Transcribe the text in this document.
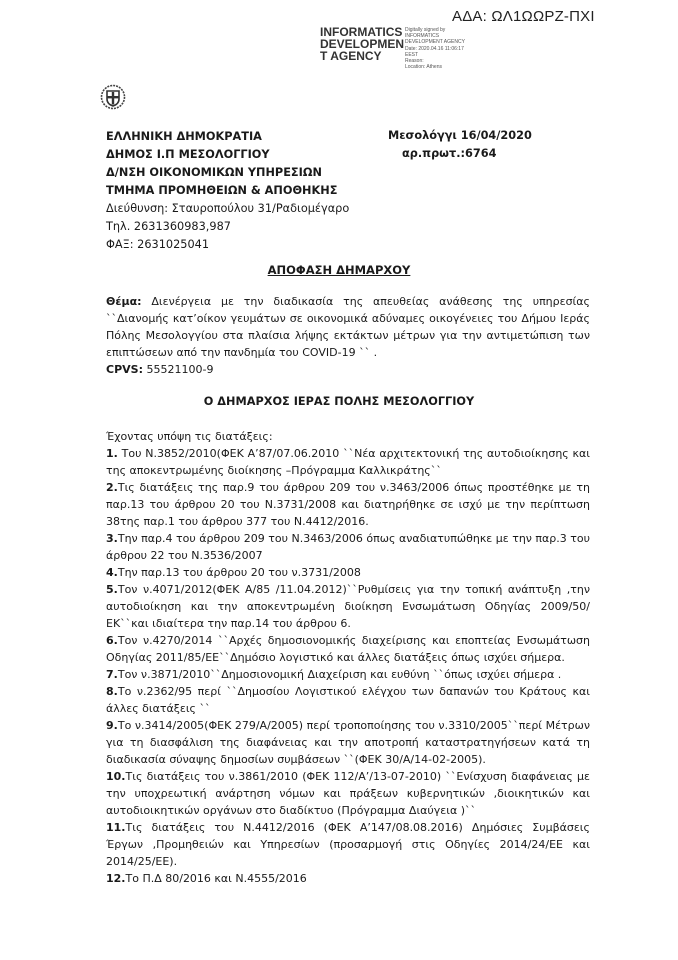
ΑΔΑ: ΩΛ1ΩΩΡΖ-ΠΧΙ
INFORMATICS DEVELOPMEN T AGENCY
Digitally signed by
INFORMATICS
DEVELOPMENT AGENCY
Date: 2020.04.16 11:06:17
EEST
Reason:
Location: Athens
ΕΛΛΗΝΙΚΗ ΔΗΜΟΚΡΑΤΙΑ
ΔΗΜΟΣ Ι.Π ΜΕΣΟΛΟΓΓΙΟΥ
Δ/ΝΣΗ ΟΙΚΟΝΟΜΙΚΩΝ ΥΠΗΡΕΣΙΩΝ
ΤΜΗΜΑ ΠΡΟΜΗΘΕΙΩΝ & ΑΠΟΘΗΚΗΣ
Διεύθυνση: Σταυροπούλου 31/Ραδιομέγαρο
Τηλ. 2631360983,987
ΦΑΞ: 2631025041
Μεσολόγγι 16/04/2020
αρ.πρωτ.:6764
ΑΠΟΦΑΣΗ ΔΗΜΑΡΧΟΥ
Θέμα: Διενέργεια με την διαδικασία της απευθείας ανάθεσης της υπηρεσίας ``Διανομής κατ’οίκον γευμάτων σε οικονομικά αδύναμες οικογένειες του Δήμου Ιεράς Πόλης Μεσολογγίου στα πλαίσια λήψης εκτάκτων μέτρων για την αντιμετώπιση των επιπτώσεων από την πανδημία του COVID-19 `` .
CPVS: 55521100-9
Ο ΔΗΜΑΡΧΟΣ ΙΕΡΑΣ ΠΟΛΗΣ ΜΕΣΟΛΟΓΓΙΟΥ
Έχοντας υπόψη τις διατάξεις:

1. Του Ν.3852/2010(ΦΕΚ Α’87/07.06.2010 ``Νέα αρχιτεκτονική της αυτοδιοίκησης και της αποκεντρωμένης διοίκησης –Πρόγραμμα Καλλικράτης``

2.Τις διατάξεις της παρ.9 του άρθρου 209 του ν.3463/2006 όπως προστέθηκε με τη παρ.13 του άρθρου 20 του Ν.3731/2008 και διατηρήθηκε σε ισχύ με την περίπτωση 38της παρ.1 του άρθρου 377 του Ν.4412/2016.

3.Την παρ.4 του άρθρου 209 του Ν.3463/2006 όπως αναδιατυπώθηκε με την παρ.3 του άρθρου 22 του Ν.3536/2007

4.Την παρ.13 του άρθρου 20 του ν.3731/2008

5.Τον ν.4071/2012(ΦΕΚ Α/85 /11.04.2012)``Ρυθμίσεις για την τοπική ανάπτυξη ,την αυτοδιοίκηση και την αποκεντρωμένη διοίκηση Ενσωμάτωση Οδηγίας 2009/50/ΕΚ``και ιδιαίτερα την παρ.14 του άρθρου 6.

6.Τον ν.4270/2014 ``Αρχές δημοσιονομικής διαχείρισης και εποπτείας Ενσωμάτωση Οδηγίας 2011/85/ΕΕ``Δημόσιο λογιστικό και άλλες διατάξεις όπως ισχύει σήμερα.

7.Τον ν.3871/2010``Δημοσιονομική Διαχείριση και ευθύνη ``όπως ισχύει σήμερα .

8.Το ν.2362/95 περί ``Δημοσίου Λογιστικού ελέγχου των δαπανών του Κράτους και άλλες διατάξεις ``

9.Το ν.3414/2005(ΦΕΚ 279/Α/2005) περί τροποποίησης του ν.3310/2005``περί Μέτρων για τη διασφάλιση της διαφάνειας και την αποτροπή καταστρατηγήσεων κατά τη διαδικασία σύναψης δημοσίων συμβάσεων ``(ΦΕΚ 30/Α/14-02-2005).

10.Τις διατάξεις του ν.3861/2010 (ΦΕΚ 112/Α’/13-07-2010) ``Ενίσχυση διαφάνειας με την υποχρεωτική ανάρτηση νόμων και πράξεων κυβερνητικών ,διοικητικών και αυτοδιοικητικών οργάνων στο διαδίκτυο (Πρόγραμμα Διαύγεια )``

11.Τις διατάξεις του Ν.4412/2016 (ΦΕΚ Α’147/08.08.2016) Δημόσιες Συμβάσεις Έργων ,Προμηθειών και Υπηρεσίων (προσαρμογή στις Οδηγίες 2014/24/ΕΕ και 2014/25/ΕΕ).

12.Το Π.Δ 80/2016 και Ν.4555/2016
